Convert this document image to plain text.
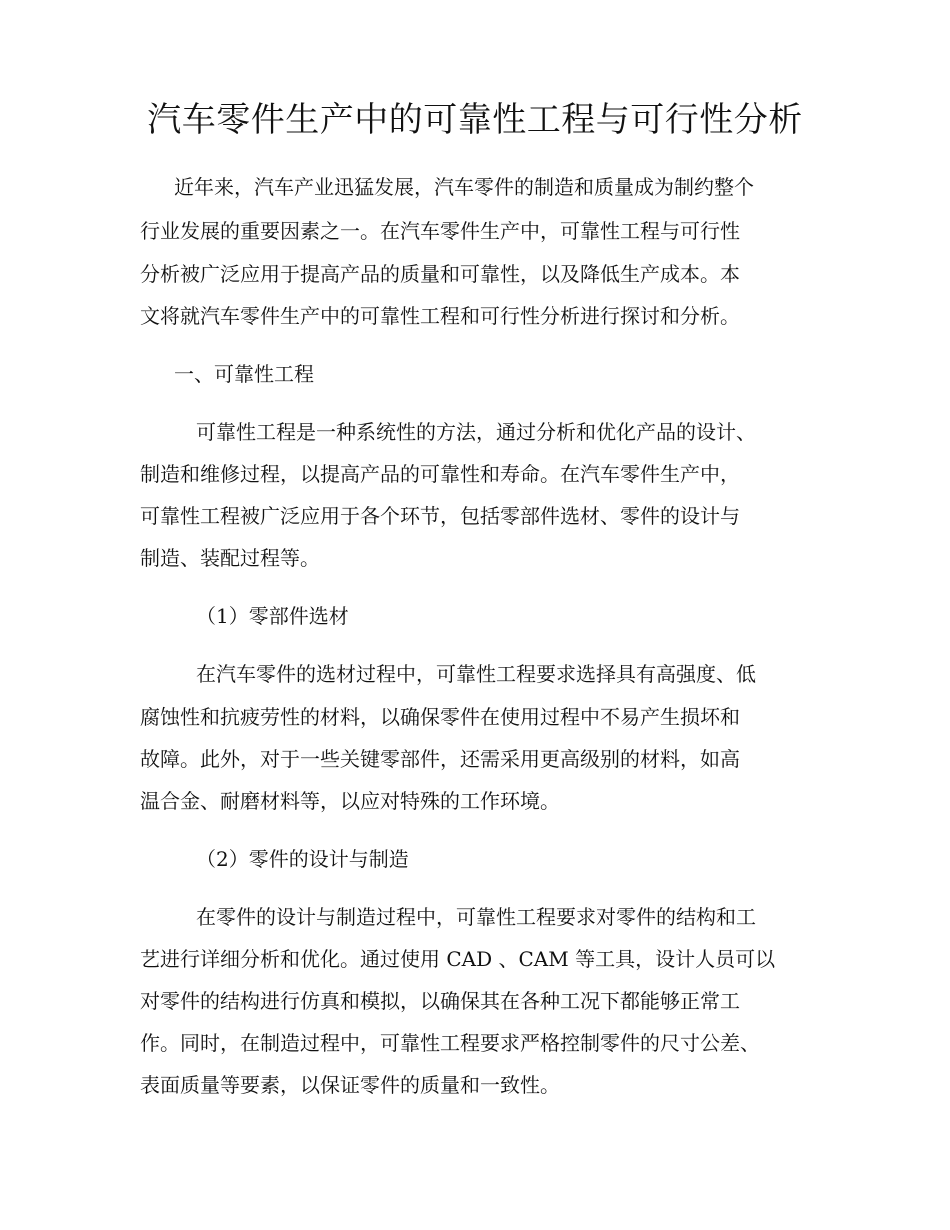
汽车零件生产中的可靠性工程与可行性分析

近年来，汽车产业迅猛发展，汽车零件的制造和质量成为制约整个

行业发展的重要因素之一。在汽车零件生产中，可靠性工程与可行性

分析被广泛应用于提高产品的质量和可靠性，以及降低生产成本。本

文将就汽车零件生产中的可靠性工程和可行性分析进行探讨和分析。

一、可靠性工程

可靠性工程是一种系统性的方法，通过分析和优化产品的设计、

制造和维修过程，以提高产品的可靠性和寿命。在汽车零件生产中，

可靠性工程被广泛应用于各个环节，包括零部件选材、零件的设计与

制造、装配过程等。

（1）零部件选材

在汽车零件的选材过程中，可靠性工程要求选择具有高强度、低

腐蚀性和抗疲劳性的材料，以确保零件在使用过程中不易产生损坏和

故障。此外，对于一些关键零部件，还需采用更高级别的材料，如高

温合金、耐磨材料等，以应对特殊的工作环境。

（2）零件的设计与制造

在零件的设计与制造过程中，可靠性工程要求对零件的结构和工

艺进行详细分析和优化。通过使用 CAD 、CAM 等工具，设计人员可以

对零件的结构进行仿真和模拟，以确保其在各种工况下都能够正常工

作。同时，在制造过程中，可靠性工程要求严格控制零件的尺寸公差、

表面质量等要素，以保证零件的质量和一致性。
